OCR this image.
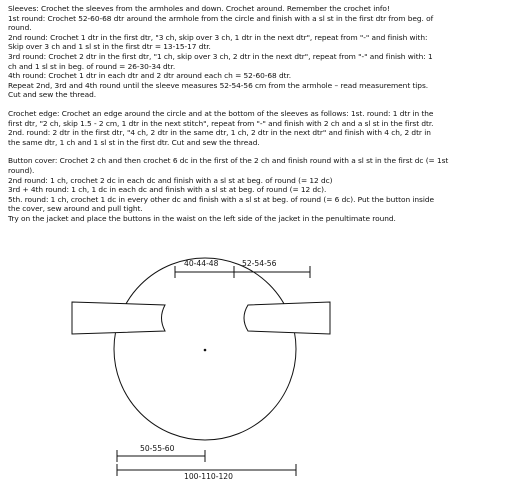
Sleeves: Crochet the sleeves from the armholes and down. Crochet around. Remember the crochet info!

1st round: Crochet 52-60-68 dtr around the armhole from the circle and finish with a sl st in the first dtr from beg. of

round.

2nd round: Crochet 1 dtr in the first dtr, "3 ch, skip over 3 ch, 1 dtr in the next dtr", repeat from "-" and finish with:

Skip over 3 ch and 1 sl st in the first dtr = 13-15-17 dtr.

3rd round: Crochet 2 dtr in the first dtr, "1 ch, skip over 3 ch, 2 dtr in the next dtr", repeat from "-" and finish with: 1

ch and 1 sl st in beg. of round = 26-30-34 dtr.

4th round: Crochet 1 dtr in each dtr and 2 dtr around each ch = 52-60-68 dtr.

Repeat 2nd, 3rd and 4th round until the sleeve measures 52-54-56 cm from the armhole – read measurement tips.

Cut and sew the thread.

Crochet edge: Crochet an edge around the circle and at the bottom of the sleeves as follows: 1st. round: 1 dtr in the

first dtr, "2 ch, skip 1.5 - 2 cm, 1 dtr in the next stitch", repeat from "-" and finish with 2 ch and a sl st in the first dtr.

2nd. round: 2 dtr in the first dtr, "4 ch, 2 dtr in the same dtr, 1 ch, 2 dtr in the next dtr" and finish with 4 ch, 2 dtr in

the same dtr, 1 ch and 1 sl st in the first dtr. Cut and sew the thread.

Button cover: Crochet 2 ch and then crochet 6 dc in the first of the 2 ch and finish round with a sl st in the first dc (= 1st

round).

2nd round: 1 ch, crochet 2 dc in each dc and finish with a sl st at beg. of round (= 12 dc)

3rd + 4th round: 1 ch, 1 dc in each dc and finish with a sl st at beg. of round (= 12 dc).

5th. round: 1 ch, crochet 1 dc in every other dc and finish with a sl st at beg. of round (= 6 dc). Put the button inside

the cover, sew around and pull tight.

Try on the jacket and place the buttons in the waist on the left side of the jacket in the penultimate round.

40-44-48	52-54-56
50-55-60
100-110-120
